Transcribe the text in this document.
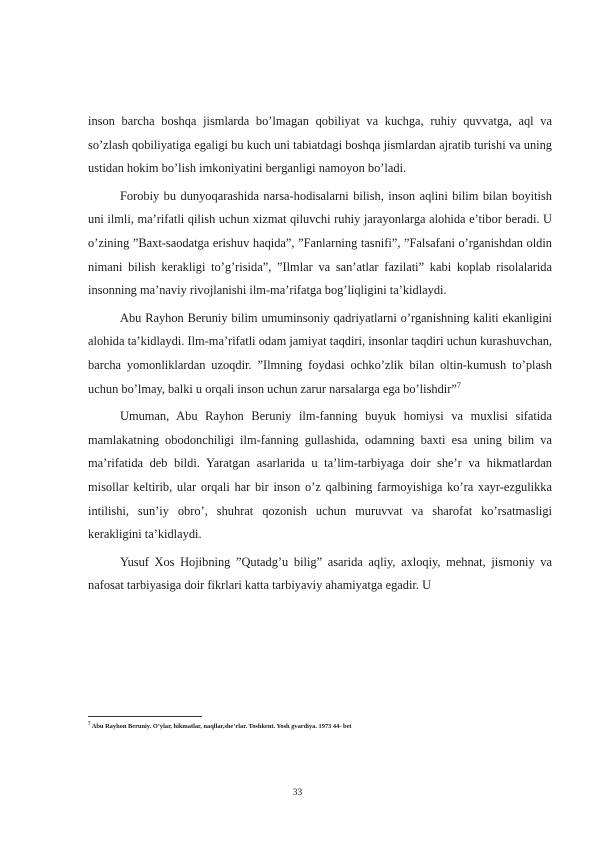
inson barcha boshqa jismlarda bo’lmagan qobiliyat va kuchga, ruhiy quvvatga, aql va so’zlash qobiliyatiga egaligi bu kuch uni tabiatdagi boshqa jismlardan ajratib turishi va uning ustidan hokim bo’lish imkoniyatini berganligi namoyon bo’ladi.

Forobiy bu dunyoqarashida narsa-hodisalarni bilish, inson aqlini bilim bilan boyitish uni ilmli, ma’rifatli qilish uchun xizmat qiluvchi ruhiy jarayonlarga alohida e’tibor beradi. U o’zining ”Baxt-saodatga erishuv haqida”, ”Fanlarning tasnifi”, ”Falsafani o’rganishdan oldin nimani bilish kerakligi to’g’risida”, ”Ilmlar va san’atlar fazilati” kabi koplab risolalarida insonning ma’naviy rivojlanishi ilm-ma’rifatga bog’liqligini ta’kidlaydi.

Abu Rayhon Beruniy bilim umuminsoniy qadriyatlarni o’rganishning kaliti ekanligini alohida ta’kidlaydi. Ilm-ma’rifatli odam jamiyat taqdiri, insonlar taqdiri uchun kurashuvchan, barcha yomonliklardan uzoqdir. ”Ilmning foydasi ochko’zlik bilan oltin-kumush to’plash uchun bo’lmay, balki u orqali inson uchun zarur narsalarga ega bo’lishdir”$^7$

Umuman, Abu Rayhon Beruniy ilm-fanning buyuk homiysi va muxlisi sifatida mamlakatning obodonchiligi ilm-fanning gullashida, odamning baxti esa uning bilim va ma’rifatida deb bildi. Yaratgan asarlarida u ta’lim-tarbiyaga doir she’r va hikmatlardan misollar keltirib, ular orqali har bir inson o’z qalbining farmoyishiga ko’ra xayr-ezgulikka intilishi, sun’iy obro’, shuhrat qozonish uchun muruvvat va sharofat ko’rsatmasligi kerakligini ta’kidlaydi.

Yusuf Xos Hojibning ”Qutadg’u bilig” asarida aqliy, axloqiy, mehnat, jismoniy va nafosat tarbiyasiga doir fikrlari katta tarbiyaviy ahamiyatga egadir. U

$^7$ Abu Rayhon Beruniy. O’ylar, hikmatlar, naqllar,she’rlar. Toshkent. Yosh gvardiya. 1973 44- bet
33
